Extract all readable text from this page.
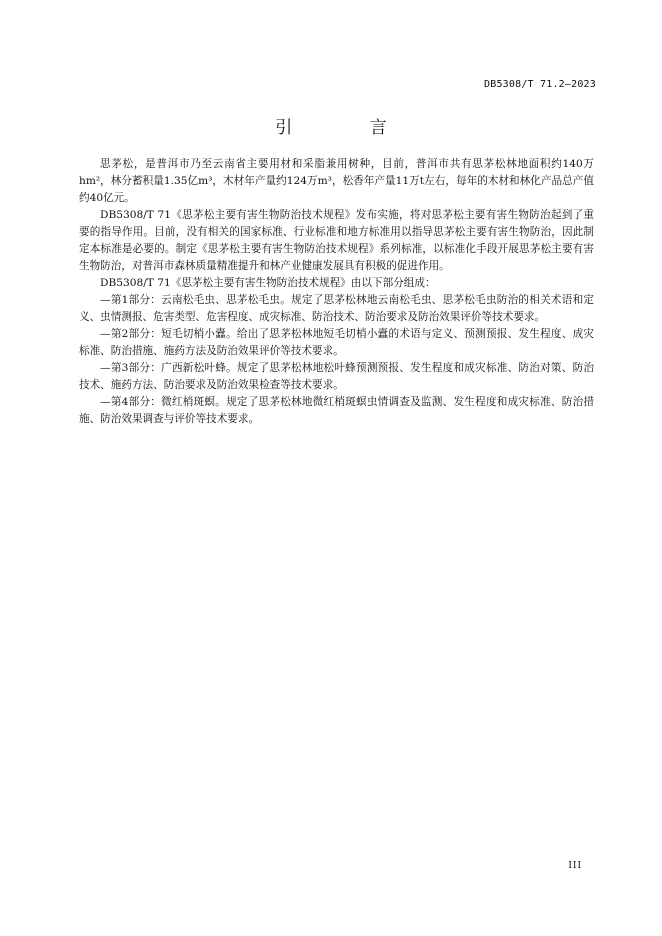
DB5308/T 71.2—2023
引 言

思茅松，是普洱市乃至云南省主要用材和采脂兼用树种，目前，普洱市共有思茅松林地面积约140万hm²，林分蓄积量1.35亿m³，木材年产量约124万m³，松香年产量11万t左右，每年的木材和林化产品总产值约40亿元。

DB5308/T 71《思茅松主要有害生物防治技术规程》发布实施，将对思茅松主要有害生物防治起到了重要的指导作用。目前，没有相关的国家标准、行业标准和地方标准用以指导思茅松主要有害生物防治，因此制定本标准是必要的。制定《思茅松主要有害生物防治技术规程》系列标准，以标准化手段开展思茅松主要有害生物防治，对普洱市森林质量精准提升和林产业健康发展具有积极的促进作用。

DB5308/T 71《思茅松主要有害生物防治技术规程》由以下部分组成：

—第1部分：云南松毛虫、思茅松毛虫。规定了思茅松林地云南松毛虫、思茅松毛虫防治的相关术语和定义、虫情测报、危害类型、危害程度、成灾标准、防治技术、防治要求及防治效果评价等技术要求。

—第2部分：短毛切梢小蠹。给出了思茅松林地短毛切梢小蠹的术语与定义、预测预报、发生程度、成灾标准、防治措施、施药方法及防治效果评价等技术要求。

—第3部分：广西新松叶蜂。规定了思茅松林地松叶蜂预测预报、发生程度和成灾标准、防治对策、防治技术、施药方法、防治要求及防治效果检查等技术要求。

—第4部分：微红梢斑螟。规定了思茅松林地微红梢斑螟虫情调查及监测、发生程度和成灾标准、防治措施、防治效果调查与评价等技术要求。

III
